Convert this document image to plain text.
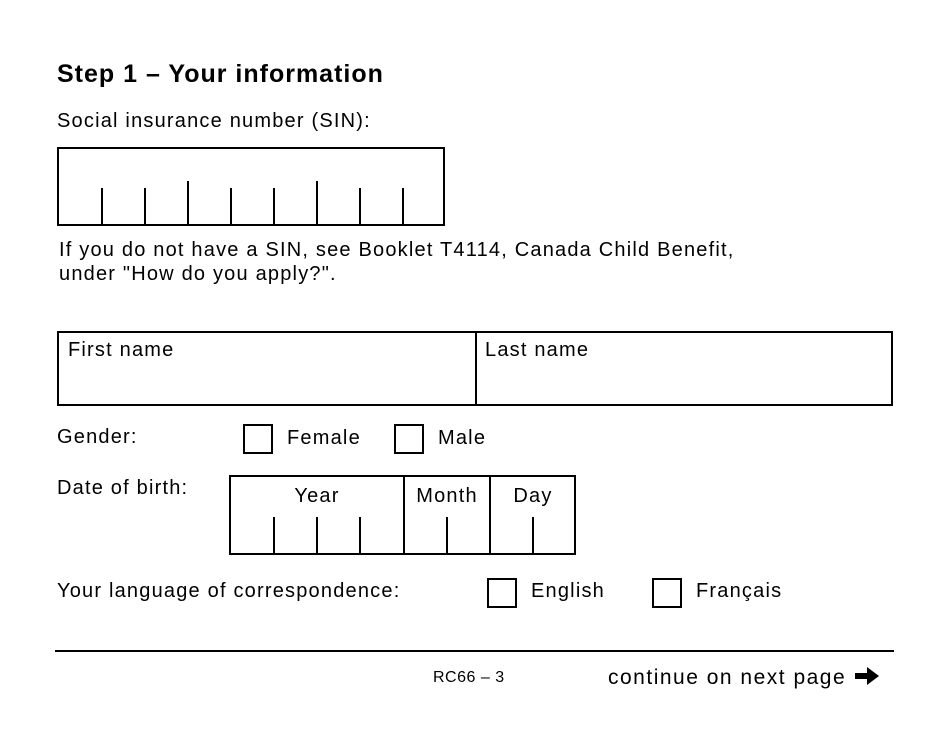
Step 1 – Your information
Social insurance number (SIN):
If you do not have a SIN, see Booklet T4114, Canada Child Benefit,
under "How do you apply?".
First name	Last name
Gender:	Female	Male
Date of birth:	Year	Month	Day
Your language of correspondence:	English	Français
RC66 – 3	continue on next page
